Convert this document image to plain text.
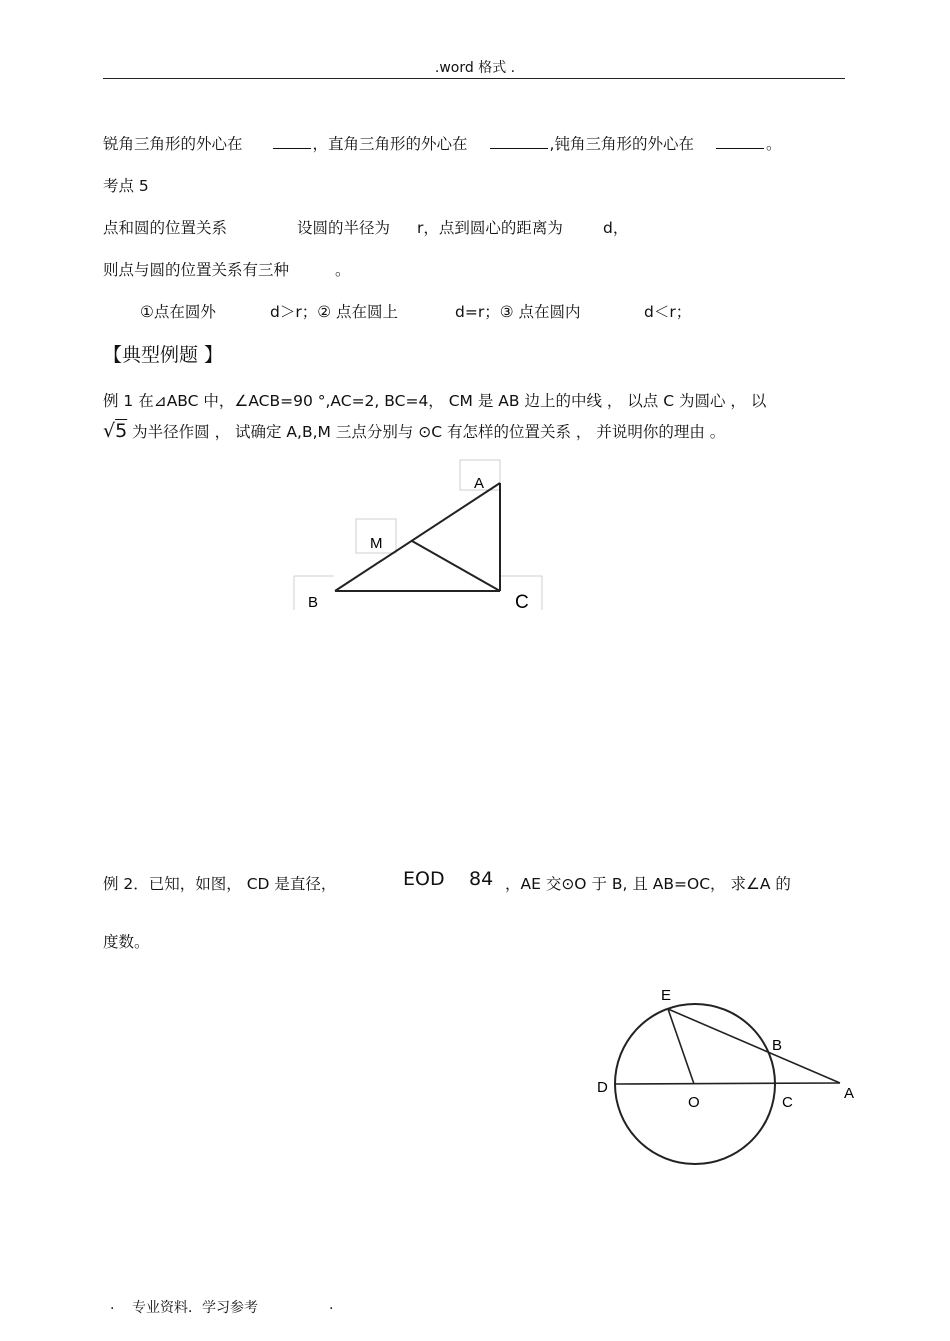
.word 格式 .
锐角三角形的外心在	，直角三角形的外心在	,钝角三角形的外心在	。
考点 5
点和圆的位置关系	设圆的半径为 r，点到圆心的距离为	d，
则点与圆的位置关系有三种	。
①点在圆外	d＞r；② 点在圆上	d=r；③ 点在圆内	d＜r；
【典型例题 】
例 1 在⊿ABC 中，∠ACB=90 °,AC=2, BC=4， CM 是 AB 边上的中线 ， 以点 C 为圆心 ， 以
√5 为半径作圆 ， 试确定 A,B,M 三点分别与 ⊙C 有怎样的位置关系 ， 并说明你的理由 。
A
M
B	C
例 2．已知，如图， CD 是直径，	EOD 84 ，AE 交⊙O 于 B, 且 AB=OC， 求∠A 的
度数。
E
B
D
O	C
A
. 专业资料．学习参考	.
